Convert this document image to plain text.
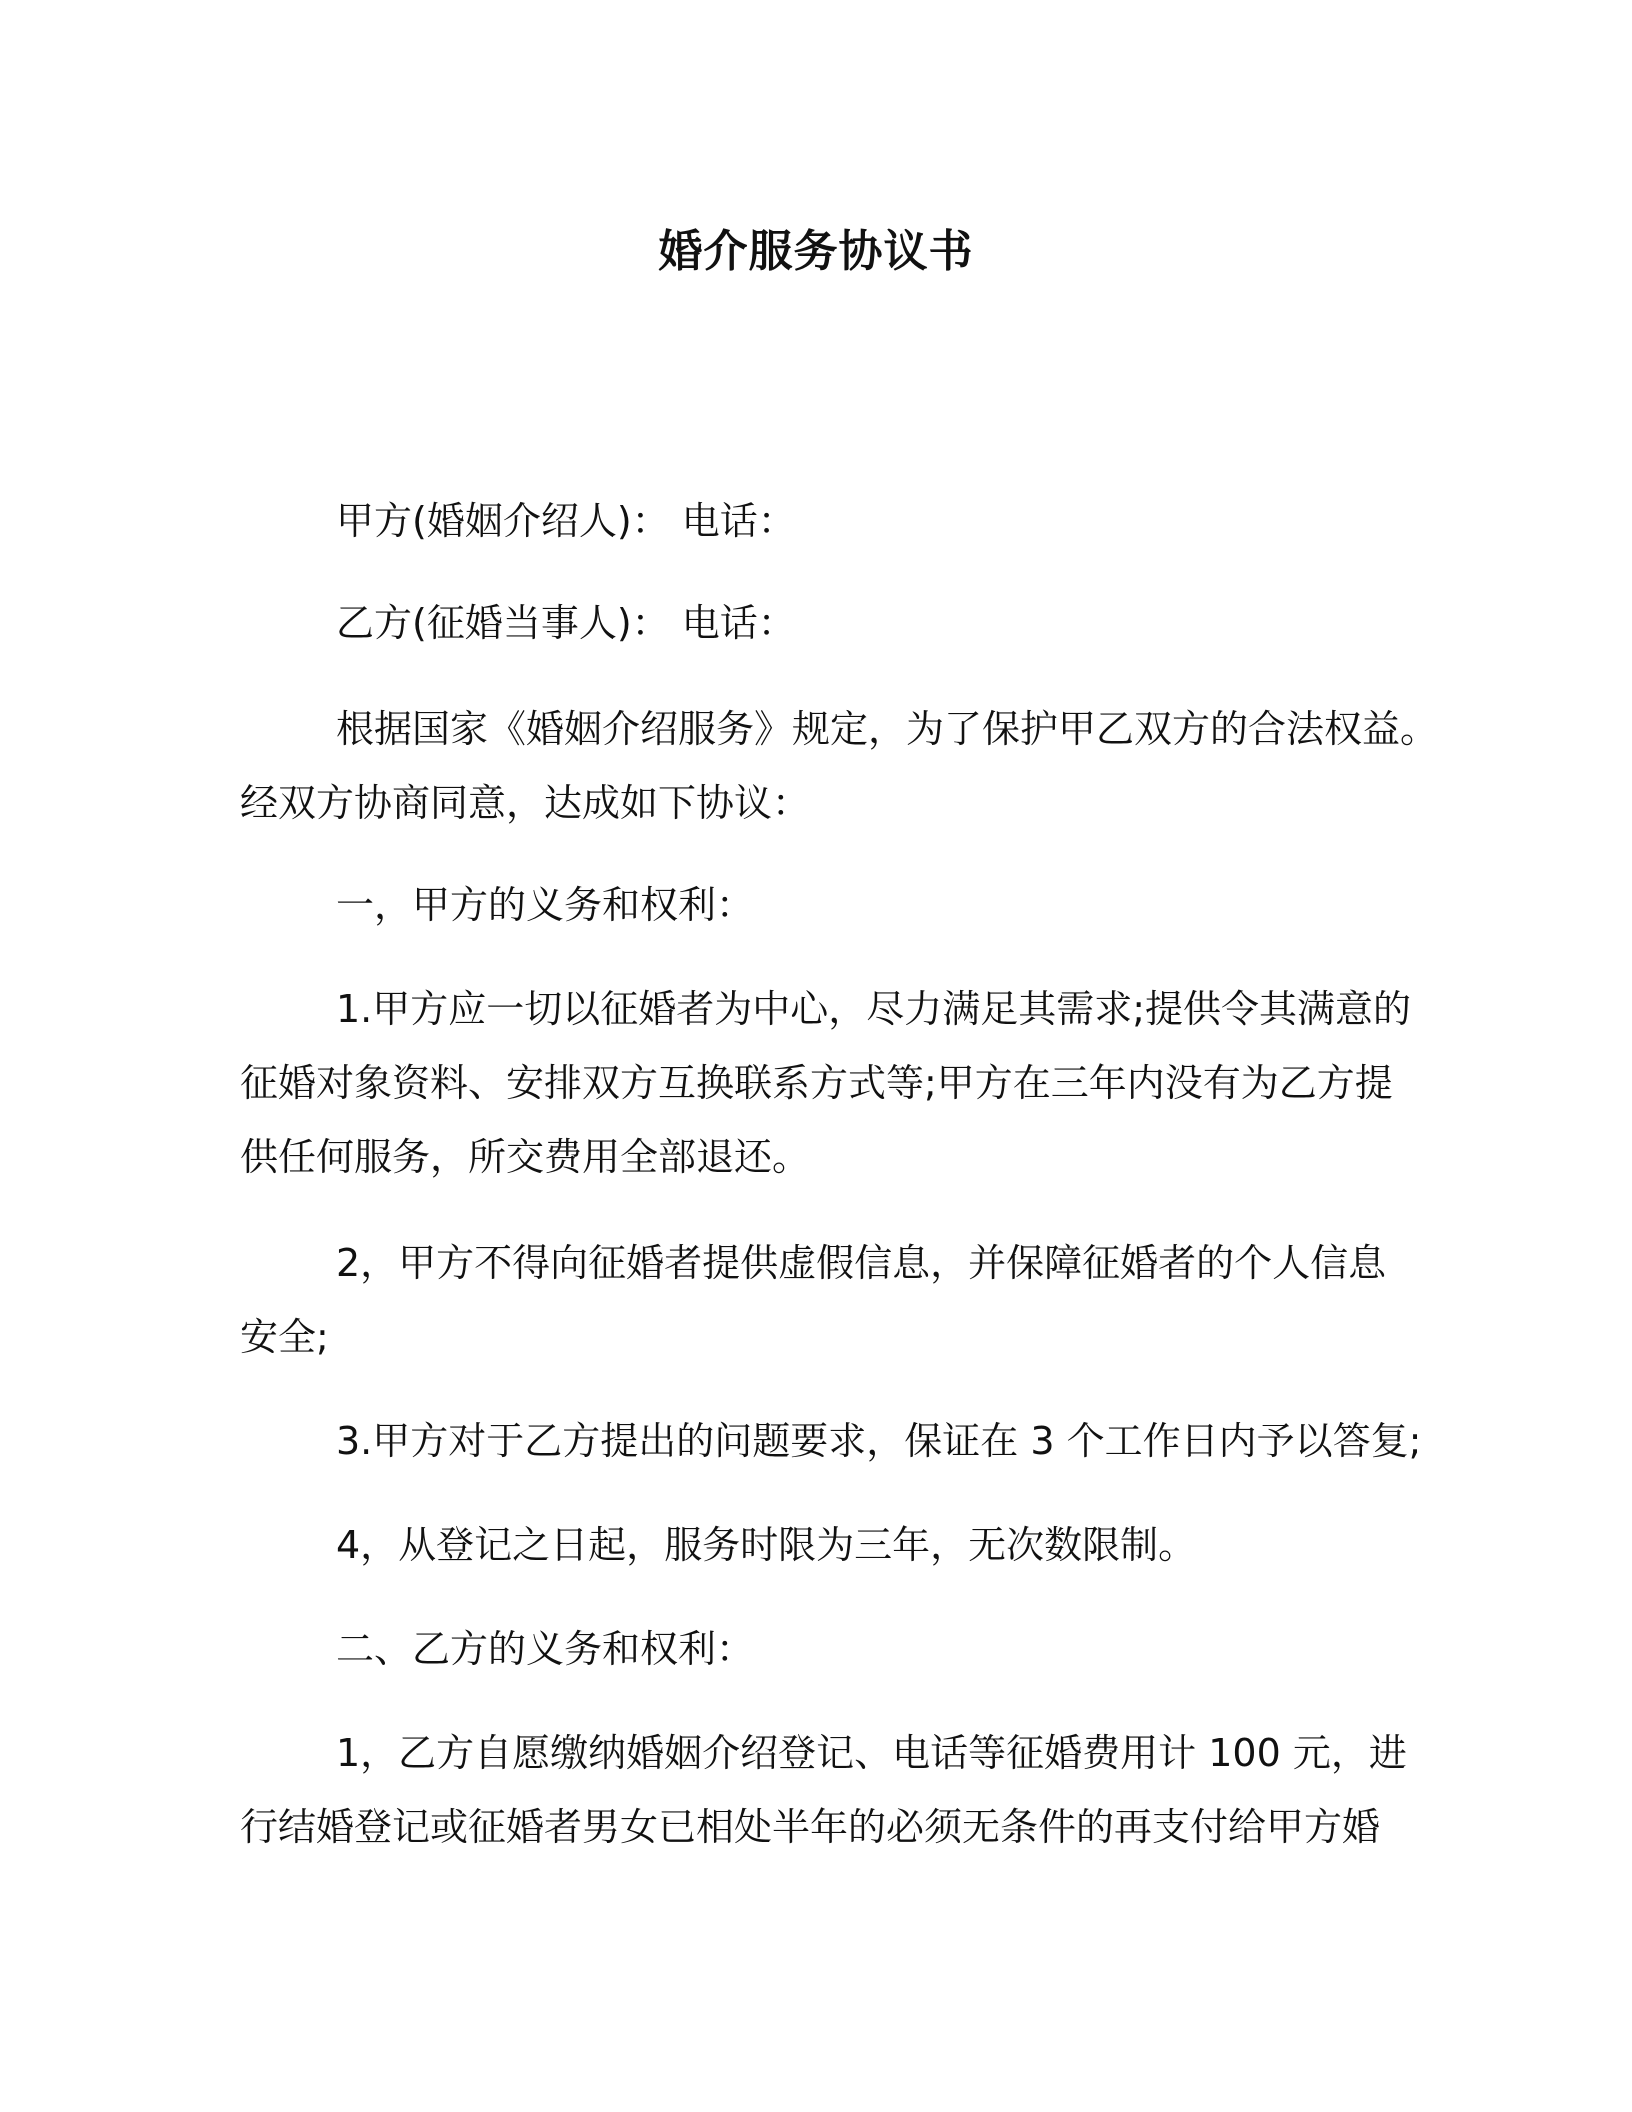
婚介服务协议书
甲方(婚姻介绍人)： 电话：
乙方(征婚当事人)： 电话：
根据国家《婚姻介绍服务》规定，为了保护甲乙双方的合法权益。
经双方协商同意，达成如下协议：
一，甲方的义务和权利：
1.甲方应一切以征婚者为中心，尽力满足其需求;提供令其满意的
征婚对象资料、安排双方互换联系方式等;甲方在三年内没有为乙方提
供任何服务，所交费用全部退还。
2，甲方不得向征婚者提供虚假信息，并保障征婚者的个人信息
安全;
3.甲方对于乙方提出的问题要求，保证在 3 个工作日内予以答复;
4，从登记之日起，服务时限为三年，无次数限制。
二、乙方的义务和权利：
1，乙方自愿缴纳婚姻介绍登记、电话等征婚费用计 100 元，进
行结婚登记或征婚者男女已相处半年的必须无条件的再支付给甲方婚
